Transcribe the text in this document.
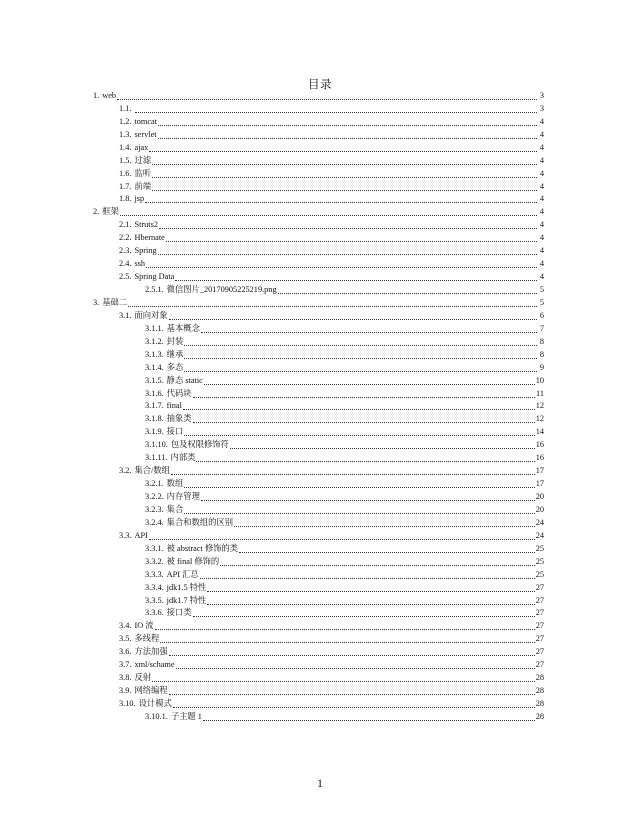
目录
1. web	3
1.1.	3
1.2. tomcat	4
1.3. servlet	4
1.4. ajax	4
1.5. 过滤	4
1.6. 监听	4
1.7. 前端	4
1.8. jsp	4
2. 框架	4
2.1. Struts2	4
2.2. Hbernate	4
2.3. Spring	4
2.4. ssh	4
2.5. Spring Data	4
2.5.1. 微信图片_20170905225219.png	5
3. 基础二	5
3.1. 面向对象	6
3.1.1. 基本概念	7
3.1.2. 封装	8
3.1.3. 继承	8
3.1.4. 多态	9
3.1.5. 静态 static	10
3.1.6. 代码块	11
3.1.7. final	12
3.1.8. 抽象类	12
3.1.9. 接口	14
3.1.10. 包及权限修饰符	16
3.1.11. 内部类	16
3.2. 集合/数组	17
3.2.1. 数组	17
3.2.2. 内存管理	20
3.2.3. 集合	20
3.2.4. 集合和数组的区别	24
3.3. API	24
3.3.1. 被 abstract 修饰的类	25
3.3.2. 被 final 修饰的	25
3.3.3. API 汇总	25
3.3.4. jdk1.5 特性	27
3.3.5. jdk1.7 特性	27
3.3.6. 接口类	27
3.4. IO 流	27
3.5. 多线程	27
3.6. 方法加强	27
3.7. xml/schame	27
3.8. 反射	28
3.9. 网络编程	28
3.10. 设计模式	28
3.10.1. 子主题 1	28
1
